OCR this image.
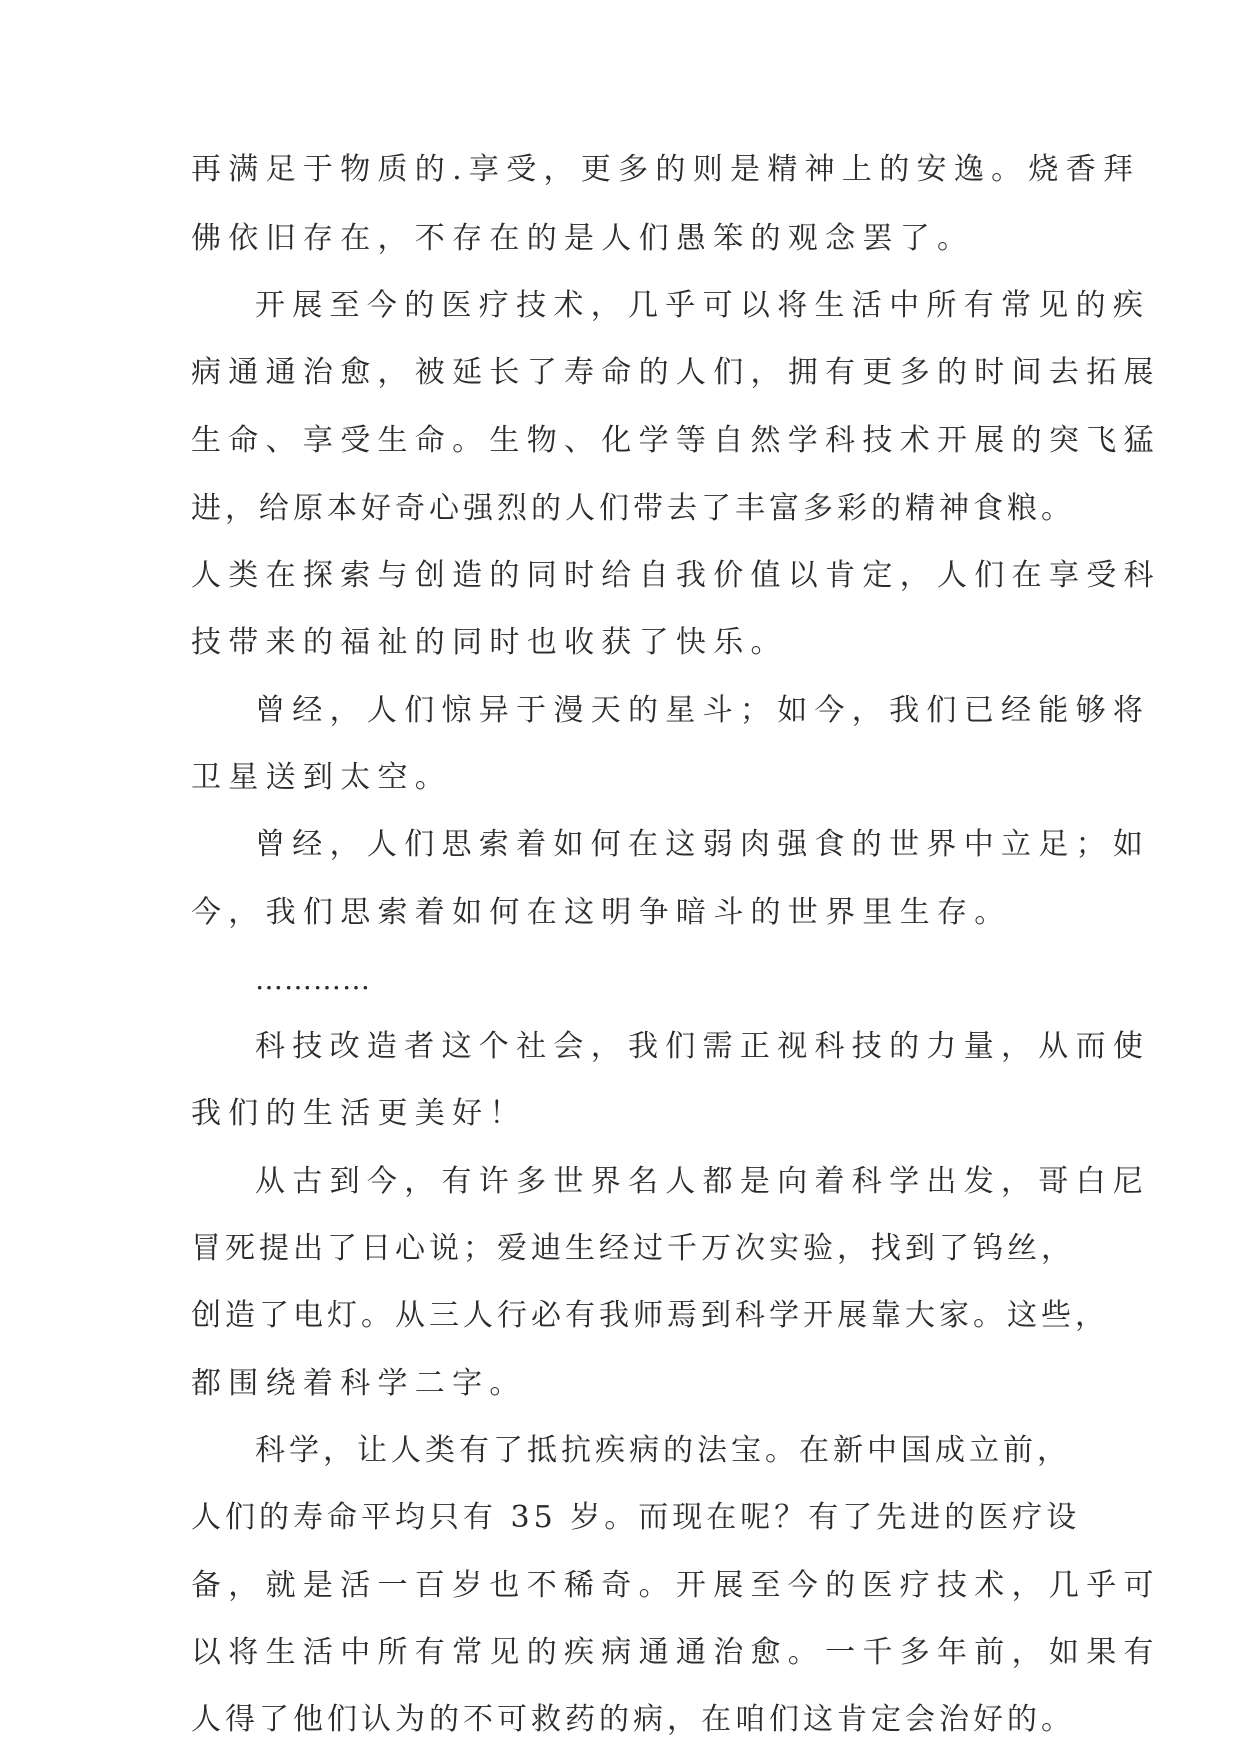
再满足于物质的.享受，更多的则是精神上的安逸。烧香拜
佛依旧存在，不存在的是人们愚笨的观念罢了。
开展至今的医疗技术，几乎可以将生活中所有常见的疾
病通通治愈，被延长了寿命的人们，拥有更多的时间去拓展
生命、享受生命。生物、化学等自然学科技术开展的突飞猛
进，给原本好奇心强烈的人们带去了丰富多彩的精神食粮。
人类在探索与创造的同时给自我价值以肯定，人们在享受科
技带来的福祉的同时也收获了快乐。
曾经，人们惊异于漫天的星斗；如今，我们已经能够将
卫星送到太空。
曾经，人们思索着如何在这弱肉强食的世界中立足；如
今，我们思索着如何在这明争暗斗的世界里生存。
…………
科技改造者这个社会，我们需正视科技的力量，从而使
我们的生活更美好！
从古到今，有许多世界名人都是向着科学出发，哥白尼
冒死提出了日心说；爱迪生经过千万次实验，找到了钨丝，
创造了电灯。从三人行必有我师焉到科学开展靠大家。这些，
都围绕着科学二字。
科学，让人类有了抵抗疾病的法宝。在新中国成立前，
人们的寿命平均只有 35 岁。而现在呢？有了先进的医疗设
备，就是活一百岁也不稀奇。开展至今的医疗技术，几乎可
以将生活中所有常见的疾病通通治愈。一千多年前，如果有
人得了他们认为的不可救药的病，在咱们这肯定会治好的。
